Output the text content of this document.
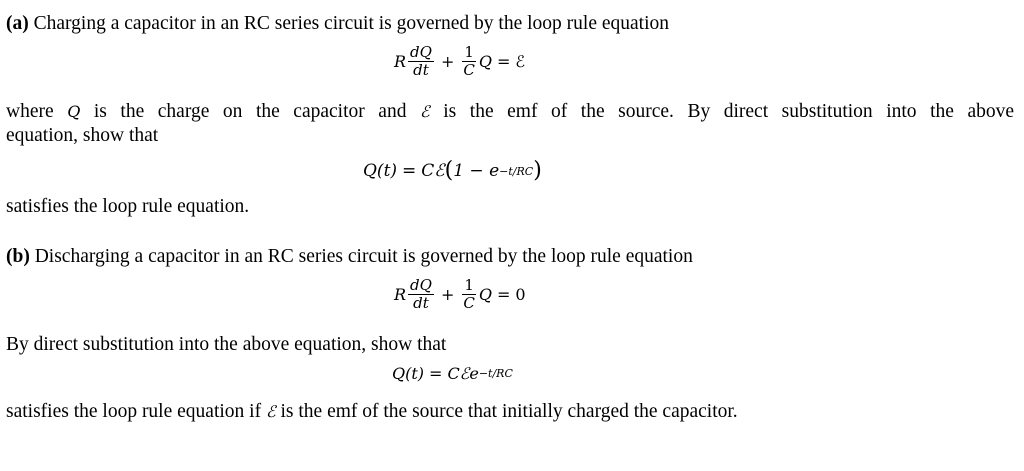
(a) Charging a capacitor in an RC series circuit is governed by the loop rule equation
R $\frac{dQ}{dt} + \frac{1}{C}$ Q = ℰ
where Q is the charge on the capacitor and ℰ is the emf of the source. By direct substitution into the above
equation, show that
Q(t) = Cℰ ( 1 − e −t/RC )
satisfies the loop rule equation.
(b) Discharging a capacitor in an RC series circuit is governed by the loop rule equation
R $\frac{dQ}{dt} + \frac{1}{C}$ Q = 0
By direct substitution into the above equation, show that
Q(t) = Cℰe −t/RC
satisfies the loop rule equation if ℰ is the emf of the source that initially charged the capacitor.
